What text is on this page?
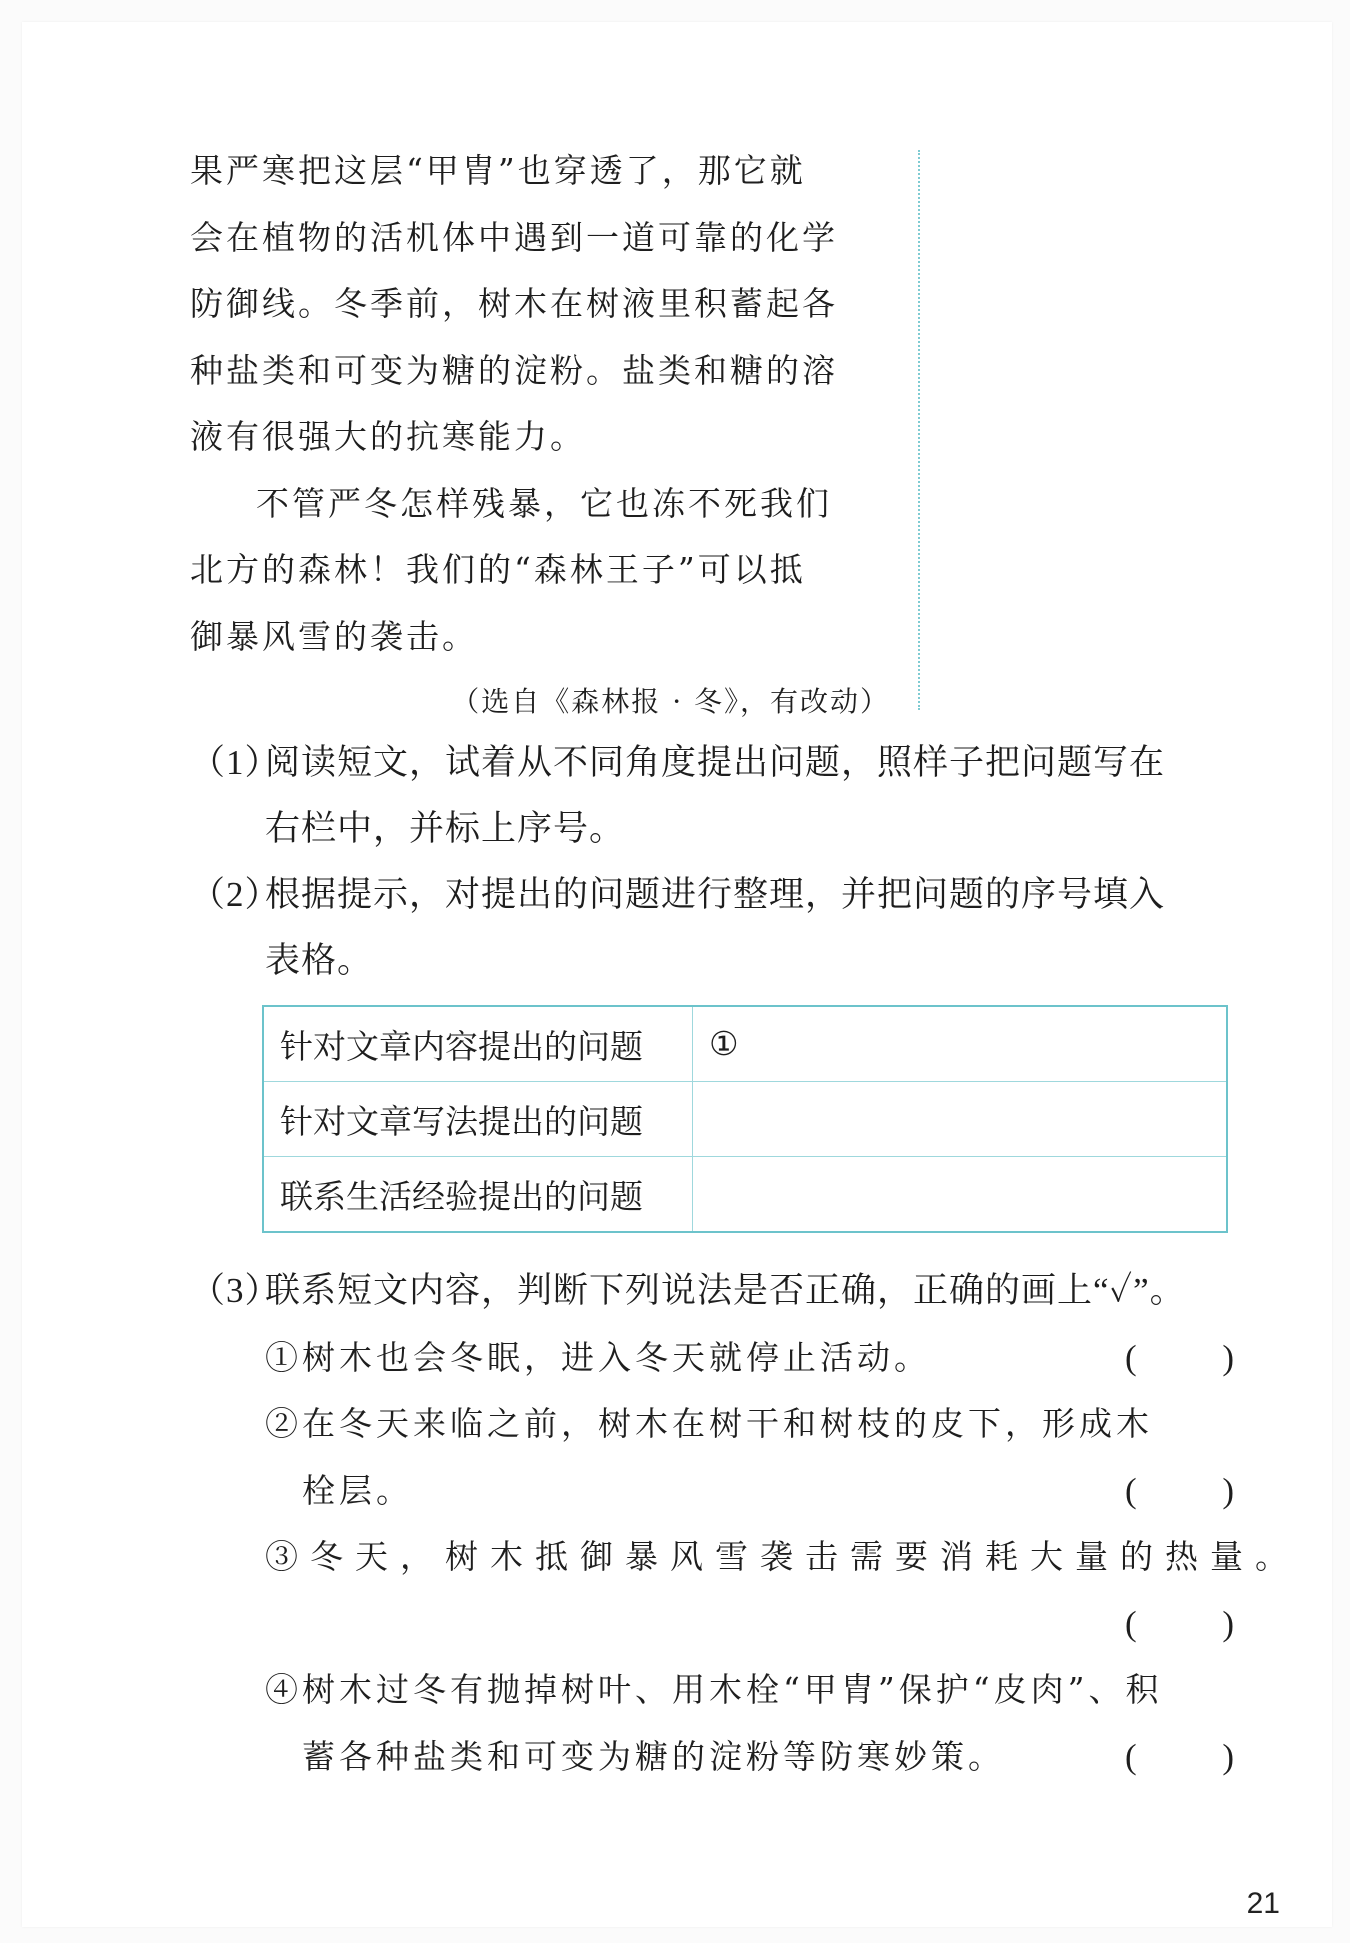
果严寒把这层“甲胄”也穿透了，那它就
会在植物的活机体中遇到一道可靠的化学
防御线。冬季前，树木在树液里积蓄起各
种盐类和可变为糖的淀粉。盐类和糖的溶
液有很强大的抗寒能力。
不管严冬怎样残暴，它也冻不死我们
北方的森林！我们的“森林王子”可以抵
御暴风雪的袭击。
（选自《森林报 · 冬》，有改动）
（1）
阅读短文，试着从不同角度提出问题，照样子把问题写在
右栏中，并标上序号。
（2）
根据提示，对提出的问题进行整理，并把问题的序号填入
表格。
针对文章内容提出的问题	①
针对文章写法提出的问题	
联系生活经验提出的问题	
（3）
联系短文内容，判断下列说法是否正确，正确的画上“✓”。
①树木也会冬眠，进入冬天就停止活动。	( )
②在冬天来临之前，树木在树干和树枝的皮下，形成木
栓层。	( )
③冬天，树木抵御暴风雪袭击需要消耗大量的热量。
( )
④树木过冬有抛掉树叶、用木栓“甲胄”保护“皮肉”、积
蓄各种盐类和可变为糖的淀粉等防寒妙策。	( )
21
